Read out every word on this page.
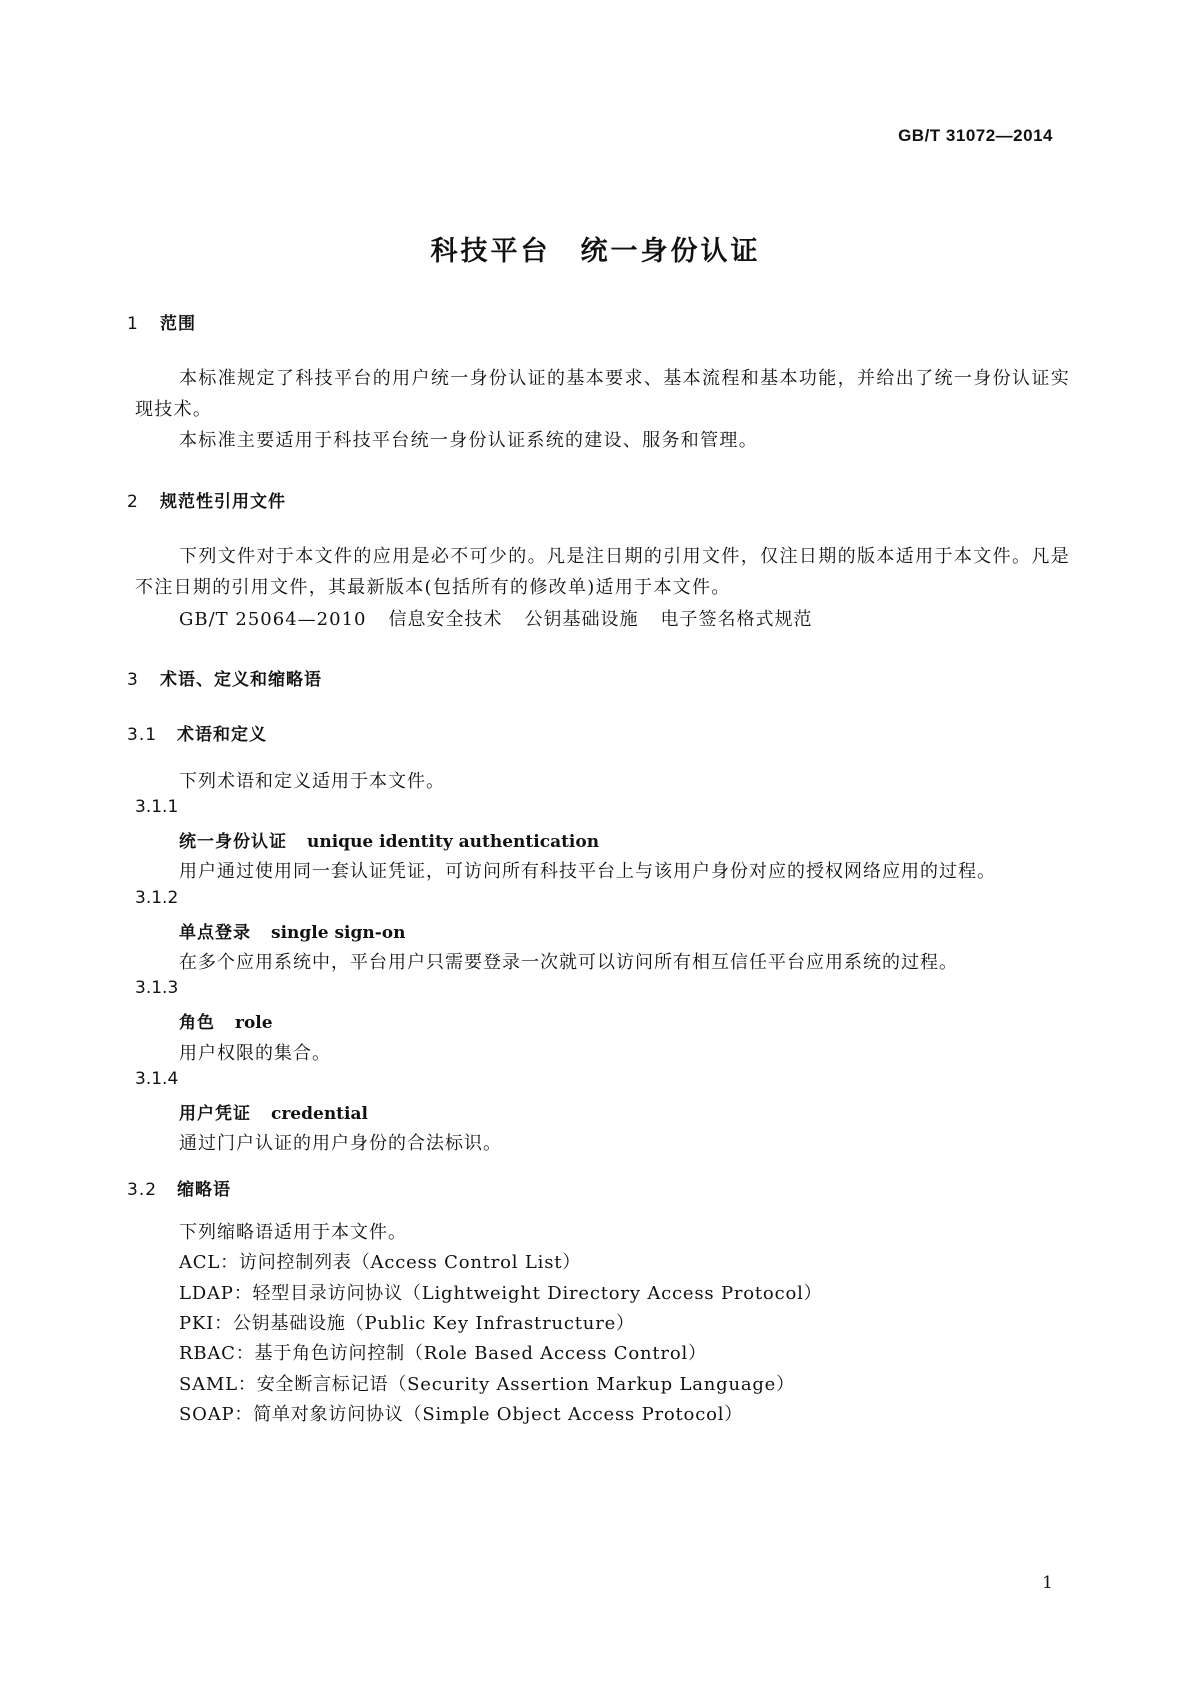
GB/T 31072—2014
科技平台　统一身份认证
1 范围
本标准规定了科技平台的用户统一身份认证的基本要求、基本流程和基本功能，并给出了统一身份认证实现技术。
本标准主要适用于科技平台统一身份认证系统的建设、服务和管理。
2 规范性引用文件
下列文件对于本文件的应用是必不可少的。凡是注日期的引用文件，仅注日期的版本适用于本文件。凡是不注日期的引用文件，其最新版本(包括所有的修改单)适用于本文件。
GB/T 25064—2010 信息安全技术 公钥基础设施 电子签名格式规范
3 术语、定义和缩略语
3.1 术语和定义
下列术语和定义适用于本文件。
3.1.1
统一身份认证 unique identity authentication
用户通过使用同一套认证凭证，可访问所有科技平台上与该用户身份对应的授权网络应用的过程。
3.1.2
单点登录 single sign-on
在多个应用系统中，平台用户只需要登录一次就可以访问所有相互信任平台应用系统的过程。
3.1.3
角色 role
用户权限的集合。
3.1.4
用户凭证 credential
通过门户认证的用户身份的合法标识。
3.2 缩略语
下列缩略语适用于本文件。
ACL：访问控制列表（Access Control List）
LDAP：轻型目录访问协议（Lightweight Directory Access Protocol）
PKI：公钥基础设施（Public Key Infrastructure）
RBAC：基于角色访问控制（Role Based Access Control）
SAML：安全断言标记语（Security Assertion Markup Language）
SOAP：简单对象访问协议（Simple Object Access Protocol）
1
